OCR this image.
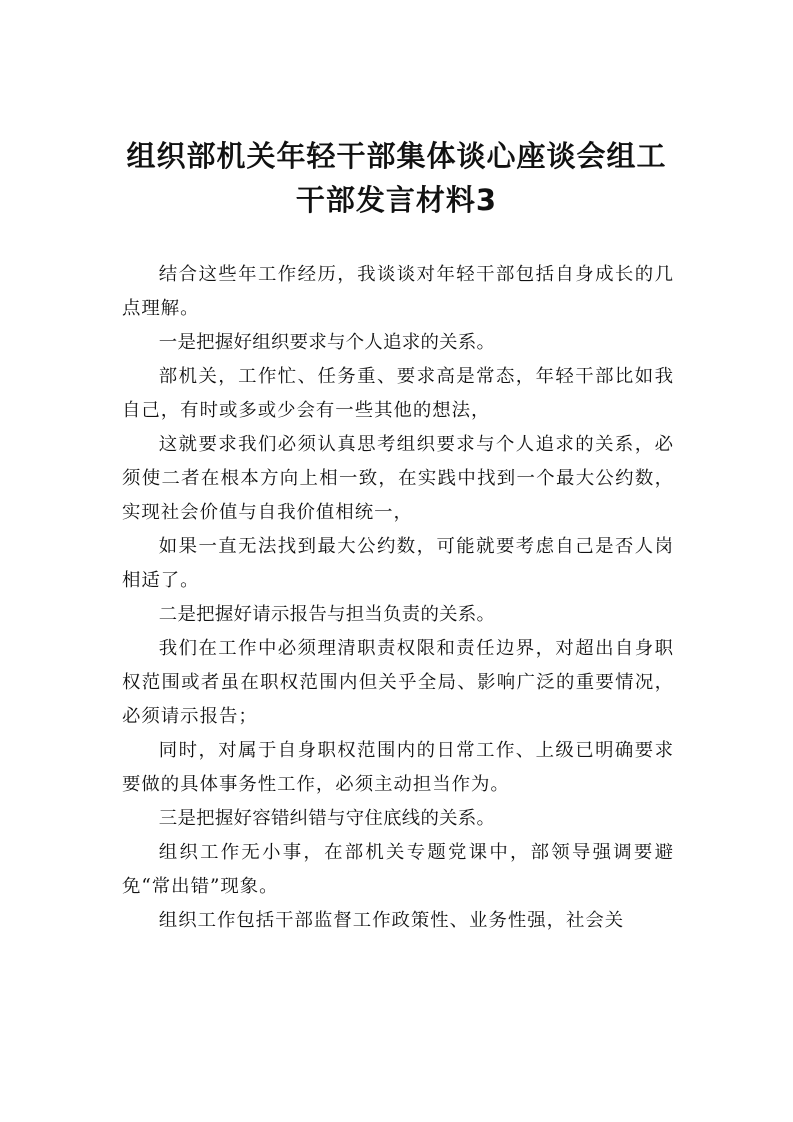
组织部机关年轻干部集体谈心座谈会组工
干部发言材料3

结合这些年工作经历，我谈谈对年轻干部包括自身成长的几点理解。

一是把握好组织要求与个人追求的关系。

部机关，工作忙、任务重、要求高是常态，年轻干部比如我自己，有时或多或少会有一些其他的想法，

这就要求我们必须认真思考组织要求与个人追求的关系，必须使二者在根本方向上相一致，在实践中找到一个最大公约数，实现社会价值与自我价值相统一，

如果一直无法找到最大公约数，可能就要考虑自己是否人岗相适了。

二是把握好请示报告与担当负责的关系。

我们在工作中必须理清职责权限和责任边界，对超出自身职权范围或者虽在职权范围内但关乎全局、影响广泛的重要情况，必须请示报告；

同时，对属于自身职权范围内的日常工作、上级已明确要求要做的具体事务性工作，必须主动担当作为。

三是把握好容错纠错与守住底线的关系。

组织工作无小事，在部机关专题党课中，部领导强调要避免“常出错”现象。

组织工作包括干部监督工作政策性、业务性强，社会关
